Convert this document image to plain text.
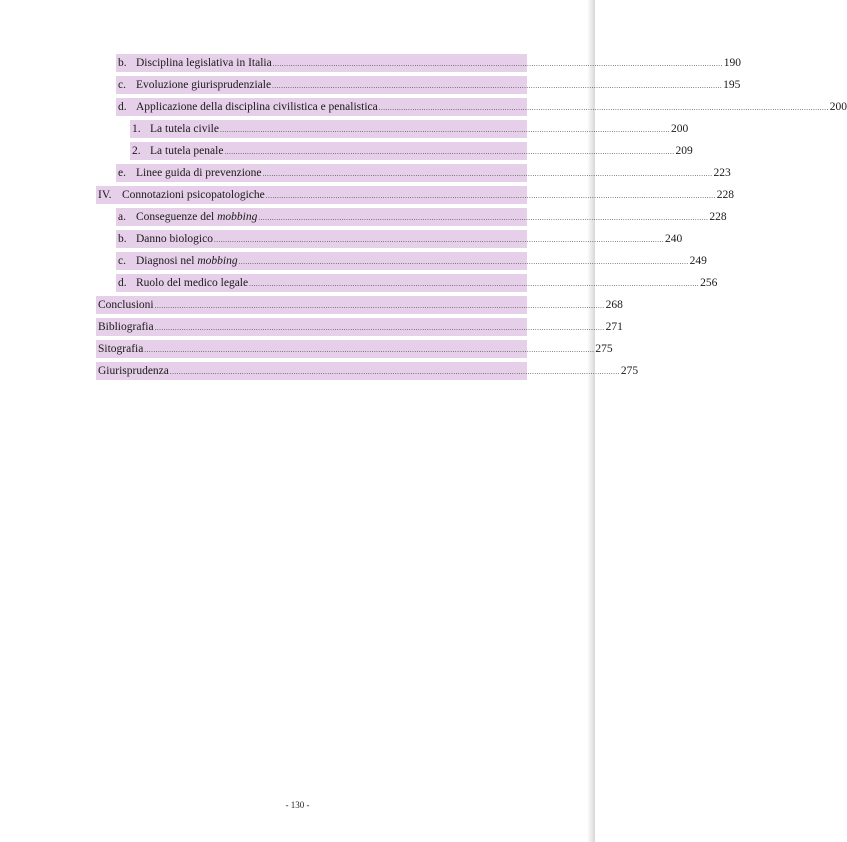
b. Disciplina legislativa in Italia ........................................................................................................................................................................................................ 190
c. Evoluzione giurisprudenziale ........................................................................................................................................................................................................ 195
d. Applicazione della disciplina civilistica e penalistica ........................................................................................................................................................................................................ 200
1. La tutela civile ........................................................................................................................................................................................................ 200
2. La tutela penale ........................................................................................................................................................................................................ 209
e. Linee guida di prevenzione ........................................................................................................................................................................................................ 223
IV. Connotazioni psicopatologiche ........................................................................................................................................................................................................ 228
a. Conseguenze del mobbing ........................................................................................................................................................................................................ 228
b. Danno biologico ........................................................................................................................................................................................................ 240
c. Diagnosi nel mobbing ........................................................................................................................................................................................................ 249
d. Ruolo del medico legale ........................................................................................................................................................................................................ 256
Conclusioni ........................................................................................................................................................................................................ 268
Bibliografia ........................................................................................................................................................................................................ 271
Sitografia ........................................................................................................................................................................................................ 275
Giurisprudenza ........................................................................................................................................................................................................ 275
- 130 -
